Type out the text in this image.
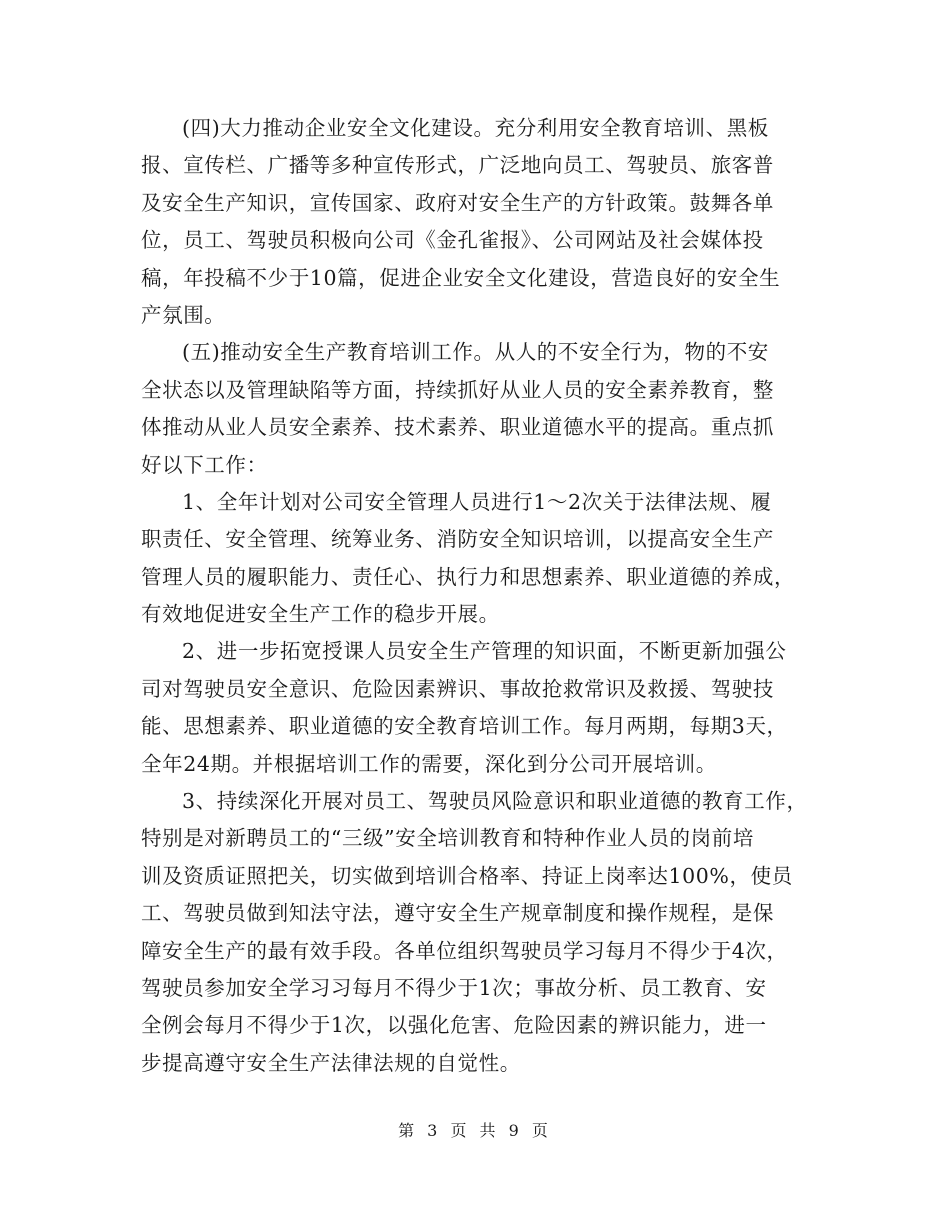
(四)大力推动企业安全文化建设。充分利用安全教育培训、黑板
报、宣传栏、广播等多种宣传形式，广泛地向员工、驾驶员、旅客普
及安全生产知识，宣传国家、政府对安全生产的方针政策。鼓舞各单
位，员工、驾驶员积极向公司《金孔雀报》、公司网站及社会媒体投
稿，年投稿不少于10篇，促进企业安全文化建设，营造良好的安全生
产氛围。
(五)推动安全生产教育培训工作。从人的不安全行为，物的不安
全状态以及管理缺陷等方面，持续抓好从业人员的安全素养教育，整
体推动从业人员安全素养、技术素养、职业道德水平的提高。重点抓
好以下工作：
1、全年计划对公司安全管理人员进行1～2次关于法律法规、履
职责任、安全管理、统筹业务、消防安全知识培训，以提高安全生产
管理人员的履职能力、责任心、执行力和思想素养、职业道德的养成，
有效地促进安全生产工作的稳步开展。
2、进一步拓宽授课人员安全生产管理的知识面，不断更新加强公
司对驾驶员安全意识、危险因素辨识、事故抢救常识及救援、驾驶技
能、思想素养、职业道德的安全教育培训工作。每月两期，每期3天，
全年24期。并根据培训工作的需要，深化到分公司开展培训。
3、持续深化开展对员工、驾驶员风险意识和职业道德的教育工作，
特别是对新聘员工的“三级”安全培训教育和特种作业人员的岗前培
训及资质证照把关，切实做到培训合格率、持证上岗率达100%，使员
工、驾驶员做到知法守法，遵守安全生产规章制度和操作规程，是保
障安全生产的最有效手段。各单位组织驾驶员学习每月不得少于4次，
驾驶员参加安全学习习每月不得少于1次；事故分析、员工教育、安
全例会每月不得少于1次，以强化危害、危险因素的辨识能力，进一
步提高遵守安全生产法律法规的自觉性。
第 3 页 共 9 页
